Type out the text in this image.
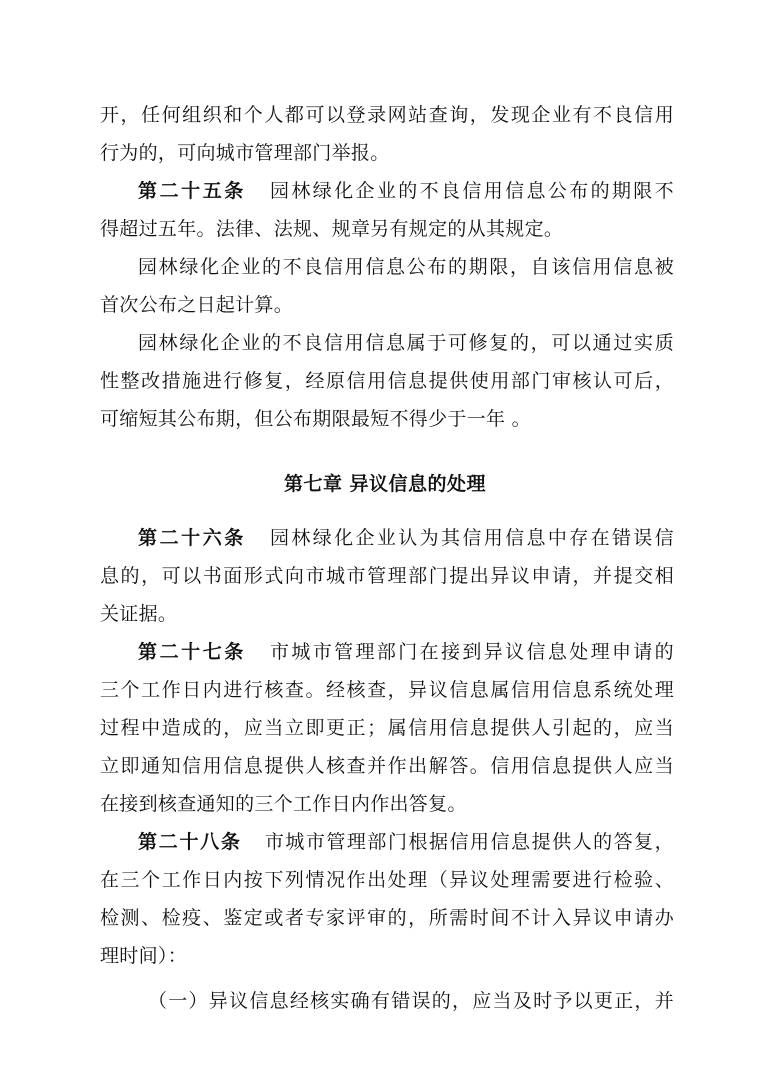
开，任何组织和个人都可以登录网站查询，发现企业有不良信用
行为的，可向城市管理部门举报。
第二十五条 园林绿化企业的不良信用信息公布的期限不
得超过五年。法律、法规、规章另有规定的从其规定。
园林绿化企业的不良信用信息公布的期限，自该信用信息被
首次公布之日起计算。
园林绿化企业的不良信用信息属于可修复的，可以通过实质
性整改措施进行修复，经原信用信息提供使用部门审核认可后，
可缩短其公布期，但公布期限最短不得少于一年 。
第七章 异议信息的处理
第二十六条 园林绿化企业认为其信用信息中存在错误信
息的，可以书面形式向市城市管理部门提出异议申请，并提交相
关证据。
第二十七条 市城市管理部门在接到异议信息处理申请的
三个工作日内进行核查。经核查，异议信息属信用信息系统处理
过程中造成的，应当立即更正；属信用信息提供人引起的，应当
立即通知信用信息提供人核查并作出解答。信用信息提供人应当
在接到核查通知的三个工作日内作出答复。
第二十八条 市城市管理部门根据信用信息提供人的答复，
在三个工作日内按下列情况作出处理（异议处理需要进行检验、
检测、检疫、鉴定或者专家评审的，所需时间不计入异议申请办
理时间）：
（一）异议信息经核实确有错误的，应当及时予以更正，并
